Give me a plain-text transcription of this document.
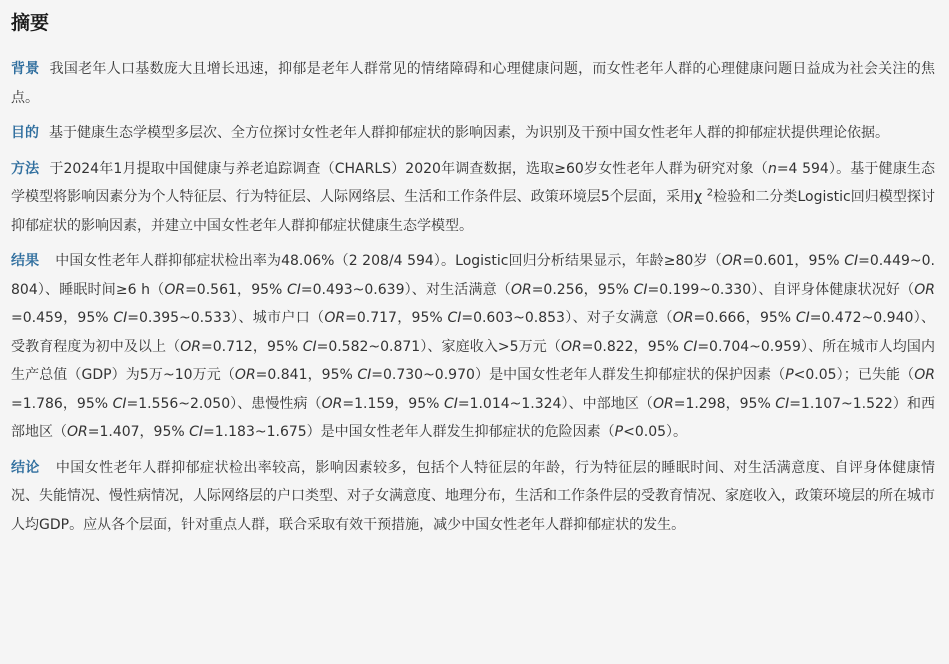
摘要

背景 我国老年人口基数庞大且增长迅速，抑郁是老年人群常见的情绪障碍和心理健康问题，而女性老年人群的心理健康问题日益成为社会关注的焦点。

目的 基于健康生态学模型多层次、全方位探讨女性老年人群抑郁症状的影响因素，为识别及干预中国女性老年人群的抑郁症状提供理论依据。

方法 于2024年1月提取中国健康与养老追踪调查（CHARLS）2020年调查数据，选取≥60岁女性老年人群为研究对象（n=4 594）。基于健康生态学模型将影响因素分为个人特征层、行为特征层、人际网络层、生活和工作条件层、政策环境层5个层面，采用χ $^2$检验和二分类Logistic回归模型探讨抑郁症状的影响因素，并建立中国女性老年人群抑郁症状健康生态学模型。

结果 中国女性老年人群抑郁症状检出率为48.06%（2 208/4 594）。Logistic回归分析结果显示，年龄≥80岁（OR=0.601，95% CI=0.449~0.804）、睡眠时间≥6 h（OR=0.561，95% CI=0.493~0.639）、对生活满意（OR=0.256，95% CI=0.199~0.330）、自评身体健康状况好（OR=0.459，95% CI=0.395~0.533）、城市户口（OR=0.717，95% CI=0.603~0.853）、对子女满意（OR=0.666，95% CI=0.472~0.940）、受教育程度为初中及以上（OR=0.712，95% CI=0.582~0.871）、家庭收入>5万元（OR=0.822，95% CI=0.704~0.959）、所在城市人均国内生产总值（GDP）为5万~10万元（OR=0.841，95% CI=0.730~0.970）是中国女性老年人群发生抑郁症状的保护因素（P<0.05）；已失能（OR=1.786，95% CI=1.556~2.050）、患慢性病（OR=1.159，95% CI=1.014~1.324）、中部地区（OR=1.298，95% CI=1.107~1.522）和西部地区（OR=1.407，95% CI=1.183~1.675）是中国女性老年人群发生抑郁症状的危险因素（P<0.05）。

结论 中国女性老年人群抑郁症状检出率较高，影响因素较多，包括个人特征层的年龄，行为特征层的睡眠时间、对生活满意度、自评身体健康情况、失能情况、慢性病情况，人际网络层的户口类型、对子女满意度、地理分布，生活和工作条件层的受教育情况、家庭收入，政策环境层的所在城市人均GDP。应从各个层面，针对重点人群，联合采取有效干预措施，减少中国女性老年人群抑郁症状的发生。
